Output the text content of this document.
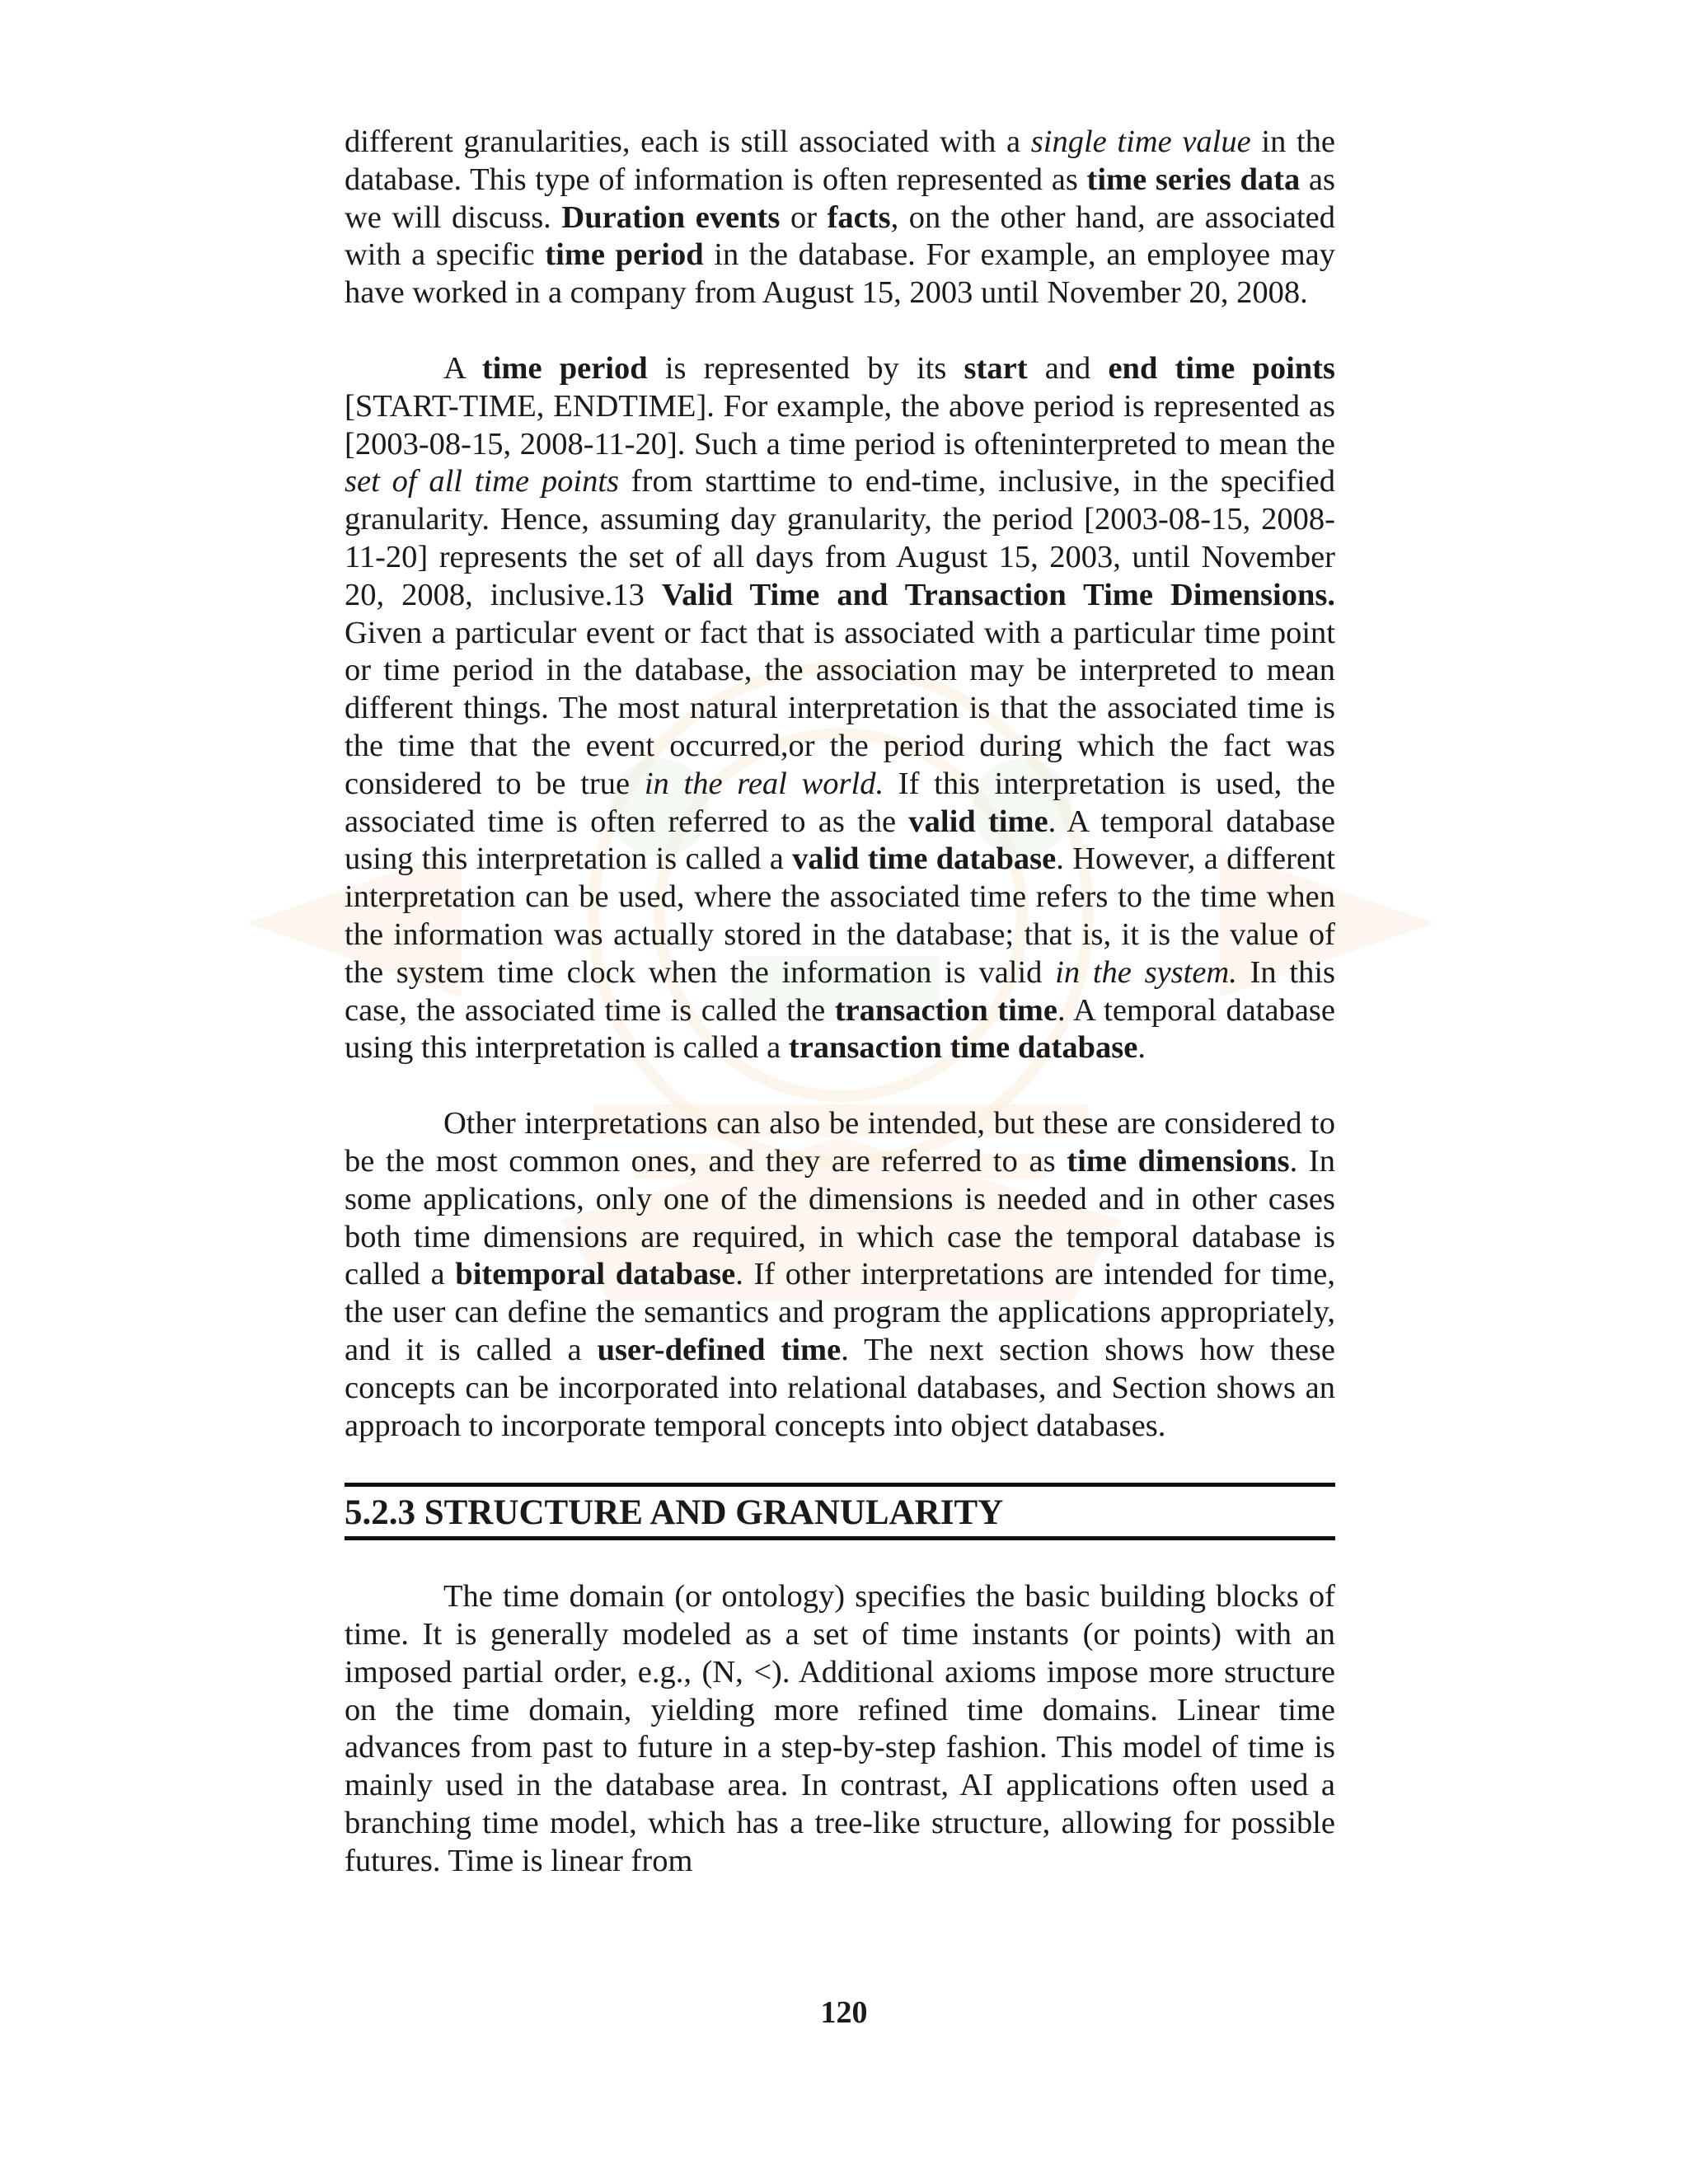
different granularities, each is still associated with a single time value in the database. This type of information is often represented as time series data as we will discuss. Duration events or facts, on the other hand, are associated with a specific time period in the database. For example, an employee may have worked in a company from August 15, 2003 until November 20, 2008.

A time period is represented by its start and end time points [START-TIME, ENDTIME]. For example, the above period is represented as [2003-08-15, 2008-11-20]. Such a time period is ofteninterpreted to mean the set of all time points from starttime to end-time, inclusive, in the specified granularity. Hence, assuming day granularity, the period [2003-08-15, 2008-11-20] represents the set of all days from August 15, 2003, until November 20, 2008, inclusive.13 Valid Time and Transaction Time Dimensions. Given a particular event or fact that is associated with a particular time point or time period in the database, the association may be interpreted to mean different things. The most natural interpretation is that the associated time is the time that the event occurred,or the period during which the fact was considered to be true in the real world. If this interpretation is used, the associated time is often referred to as the valid time. A temporal database using this interpretation is called a valid time database. However, a different interpretation can be used, where the associated time refers to the time when the information was actually stored in the database; that is, it is the value of the system time clock when the information is valid in the system. In this case, the associated time is called the transaction time. A temporal database using this interpretation is called a transaction time database.

Other interpretations can also be intended, but these are considered to be the most common ones, and they are referred to as time dimensions. In some applications, only one of the dimensions is needed and in other cases both time dimensions are required, in which case the temporal database is called a bitemporal database. If other interpretations are intended for time, the user can define the semantics and program the applications appropriately, and it is called a user-defined time. The next section shows how these concepts can be incorporated into relational databases, and Section shows an approach to incorporate temporal concepts into object databases.

5.2.3 STRUCTURE AND GRANULARITY

The time domain (or ontology) specifies the basic building blocks of time. It is generally modeled as a set of time instants (or points) with an imposed partial order, e.g., (N, <). Additional axioms impose more structure on the time domain, yielding more refined time domains. Linear time advances from past to future in a step-by-step fashion. This model of time is mainly used in the database area. In contrast, AI applications often used a branching time model, which has a tree-like structure, allowing for possible futures. Time is linear from

120
